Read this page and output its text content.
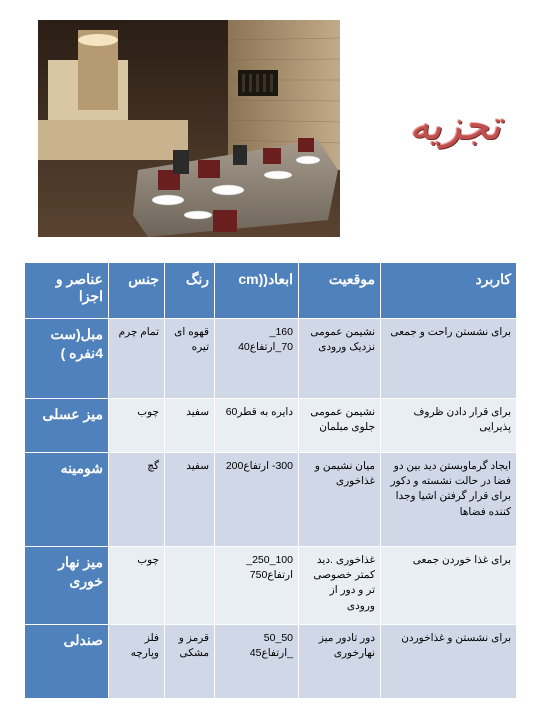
تجزیه
کاربرد	موقعیت	ابعاد((cm	رنگ	جنس	عناصر و اجزا
برای نشستن راحت و جمعی	نشیمن عمومی نزدیک ورودی	160_ 70_ارتفاع40	قهوه ای تیره	تمام چرم	مبل(ست 4نفره )
برای قرار دادن ظروف پذیرایی	نشیمن عمومی جلوی مبلمان	دایره به قطر60	سفید	چوب	میز عسلی
ایجاد گرماوبستن دید بین دو فضا در حالت نشسته و دکور برای قرار گرفتن اشیا وجدا کننده فضاها	میان نشیمن و غذاخوری	300- ارتفاع200	سفید	گچ	شومینه
برای غذا خوردن جمعی	غذاخوری .دید کمتر خصوصی تر و دور از ورودی	100_250_ ارتفاع750		چوب	میز نهار خوری
برای نشستن و غذاخوردن	دور تادور میز نهارخوری	50_50 _ارتفاع45	قرمز و مشکی	فلز وپارچه	صندلی
